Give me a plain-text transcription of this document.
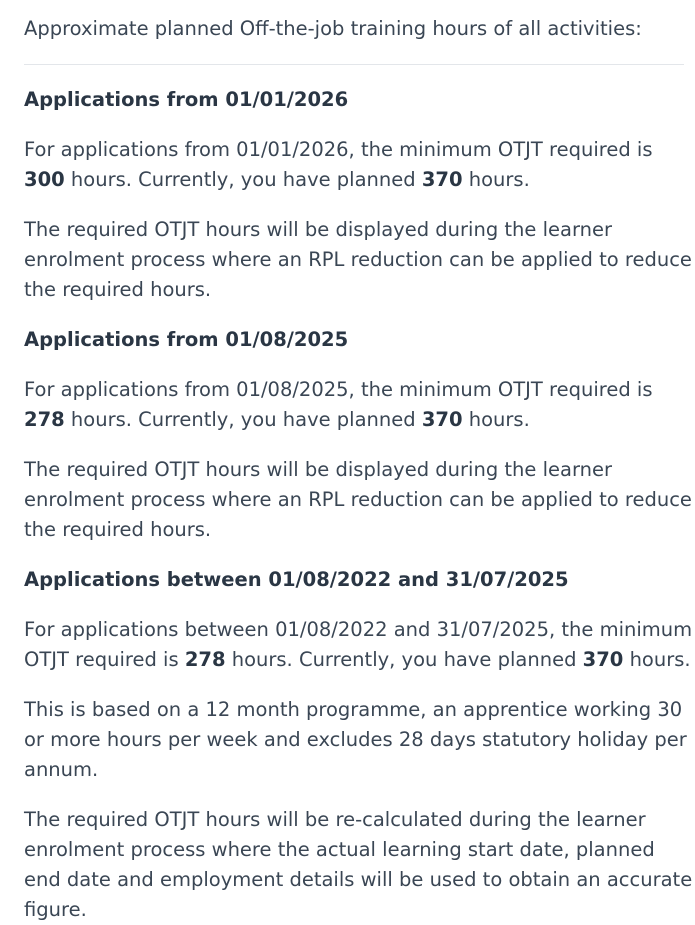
Approximate planned Off-the-job training hours of all activities:
Applications from 01/01/2026

For applications from 01/01/2026, the minimum OTJT required is 300 hours. Currently, you have planned 370 hours.

The required OTJT hours will be displayed during the learner enrolment process where an RPL reduction can be applied to reduce the required hours.

Applications from 01/08/2025

For applications from 01/08/2025, the minimum OTJT required is 278 hours. Currently, you have planned 370 hours.

The required OTJT hours will be displayed during the learner enrolment process where an RPL reduction can be applied to reduce the required hours.

Applications between 01/08/2022 and 31/07/2025

For applications between 01/08/2022 and 31/07/2025, the minimum OTJT required is 278 hours. Currently, you have planned 370 hours.

This is based on a 12 month programme, an apprentice working 30 or more hours per week and excludes 28 days statutory holiday per annum.

The required OTJT hours will be re-calculated during the learner enrolment process where the actual learning start date, planned end date and employment details will be used to obtain an accurate figure.
